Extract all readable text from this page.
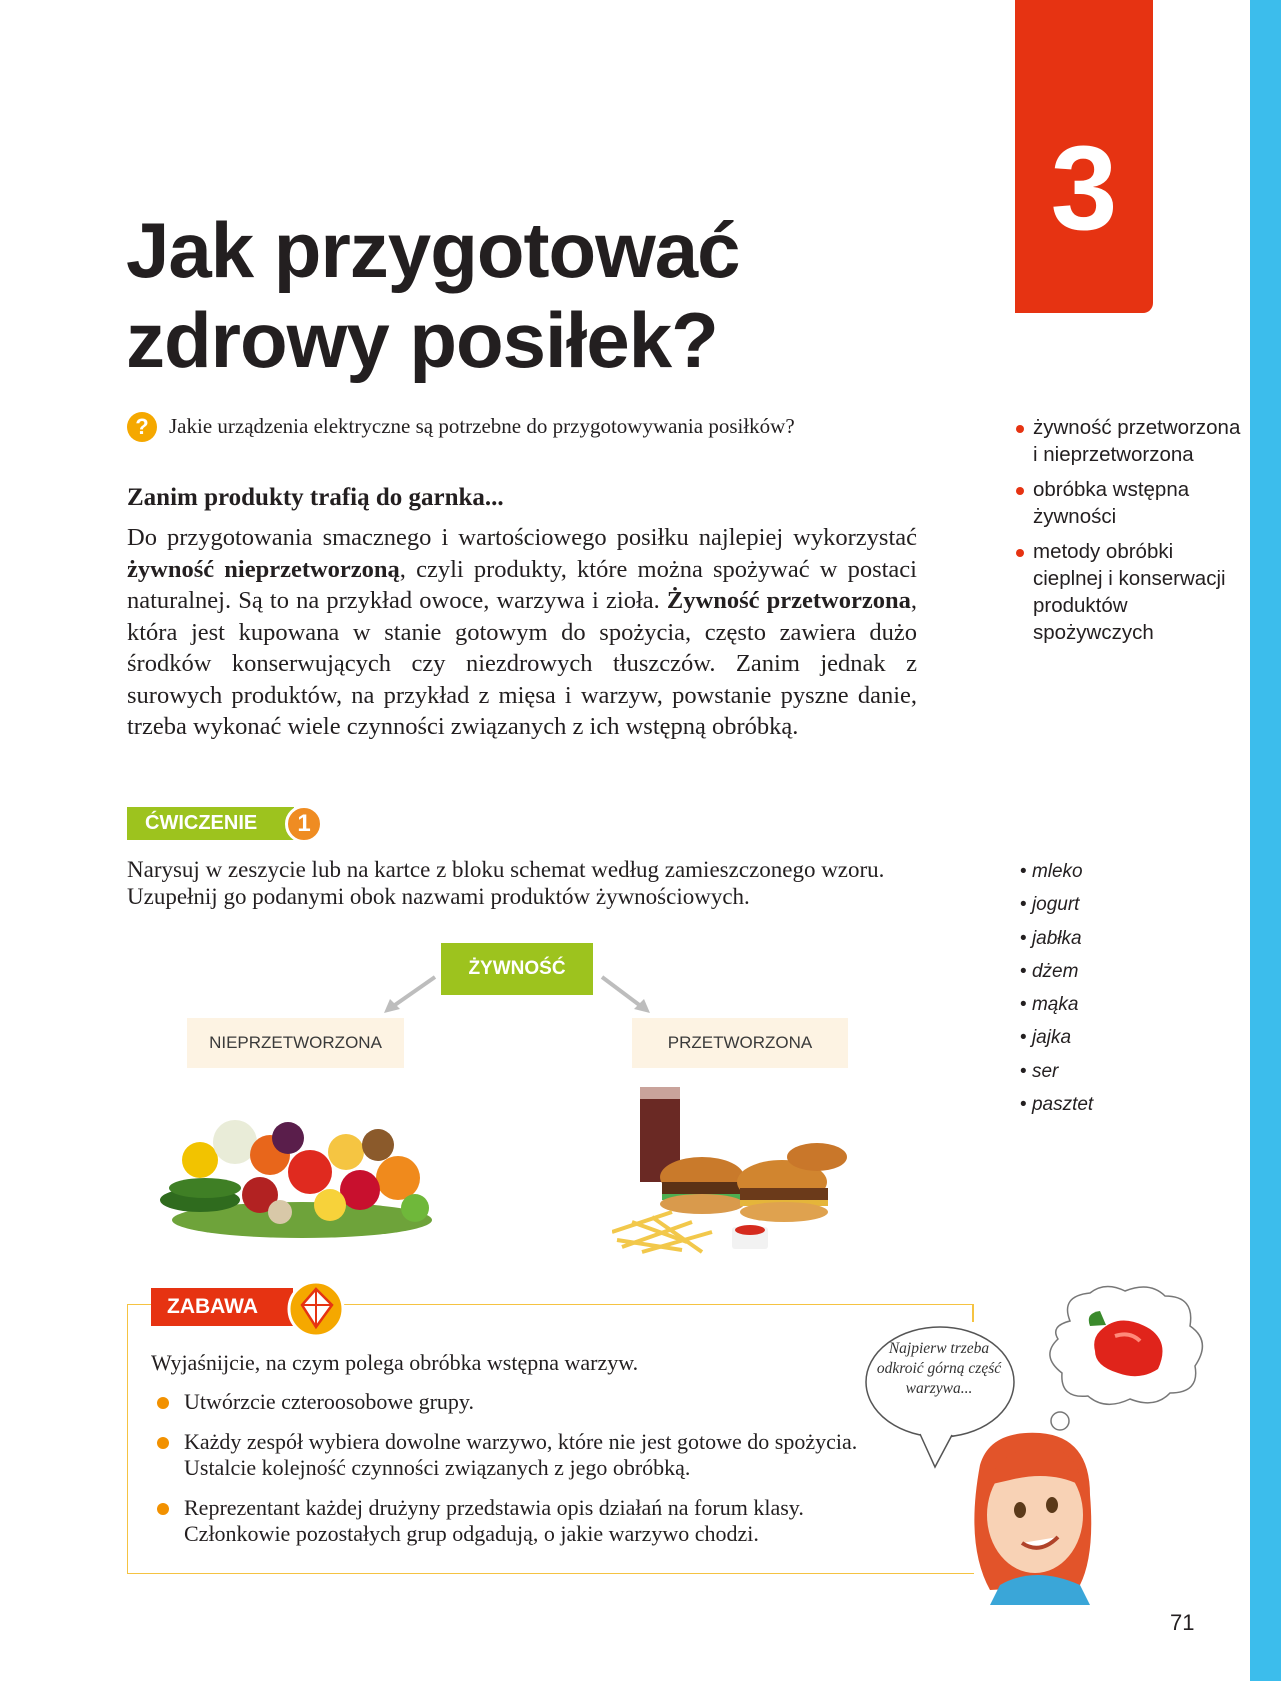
3
Jak przygotować
zdrowy posiłek?
? Jakie urządzenia elektryczne są potrzebne do przygotowywania posiłków?
Zanim produkty trafią do garnka...
Do przygotowania smacznego i wartościowego posiłku najlepiej wykorzystać żywność nieprzetworzoną, czyli produkty, które można spożywać w postaci naturalnej. Są to na przykład owoce, warzywa i zioła. Żywność przetworzona, która jest kupowana w stanie gotowym do spożycia, często zawiera dużo środków konserwujących czy niezdrowych tłuszczów. Zanim jednak z surowych produktów, na przykład z mięsa i warzyw, powstanie pyszne danie, trzeba wykonać wiele czynności związanych z ich wstępną obróbką.
żywność przetworzona i nieprzetworzona
obróbka wstępna żywności
metody obróbki cieplnej i konserwacji produktów spożywczych
ĆWICZENIE	1
Narysuj w zeszycie lub na kartce z bloku schemat według zamieszczonego wzoru. Uzupełnij go podanymi obok nazwami produktów żywnościowych.
• mleko
• jogurt
• jabłka
• dżem
• mąka
• jajka
• ser
• pasztet
ŻYWNOŚĆ
NIEPRZETWORZONA	PRZETWORZONA
ZABAWA
Wyjaśnijcie, na czym polega obróbka wstępna warzyw.
Utwórzcie czteroosobowe grupy.
Każdy zespół wybiera dowolne warzywo, które nie jest gotowe do spożycia. Ustalcie kolejność czynności związanych z jego obróbką.
Reprezentant każdej drużyny przedstawia opis działań na forum klasy. Członkowie pozostałych grup odgadują, o jakie warzywo chodzi.
Najpierw trzeba odkroić górną część warzywa...
71
